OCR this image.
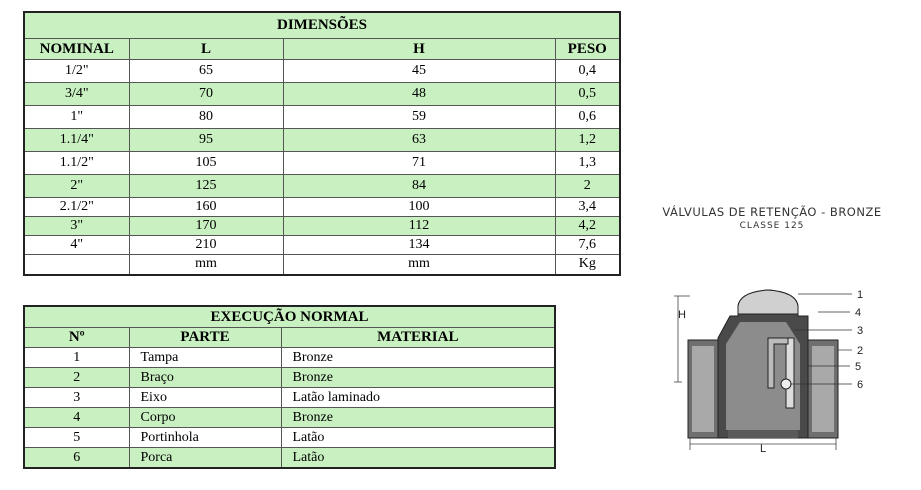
DIMENSÕES			
NOMINAL	L	H	PESO
1/2"	65	45	0,4
3/4"	70	48	0,5
1"	80	59	0,6
1.1/4"	95	63	1,2
1.1/2"	105	71	1,3
2"	125	84	2
2.1/2"	160	100	3,4
3"	170	112	4,2
4"	210	134	7,6
	mm	mm	Kg
EXECUÇÃO NORMAL		
Nº	PARTE	MATERIAL
1	Tampa	Bronze
2	Braço	Bronze
3	Eixo	Latão laminado
4	Corpo	Bronze
5	Portinhola	Latão
6	Porca	Latão
VÁLVULAS DE RETENÇÃO - BRONZE
CLASSE 125
H
L
1
4
3
2
5
6
